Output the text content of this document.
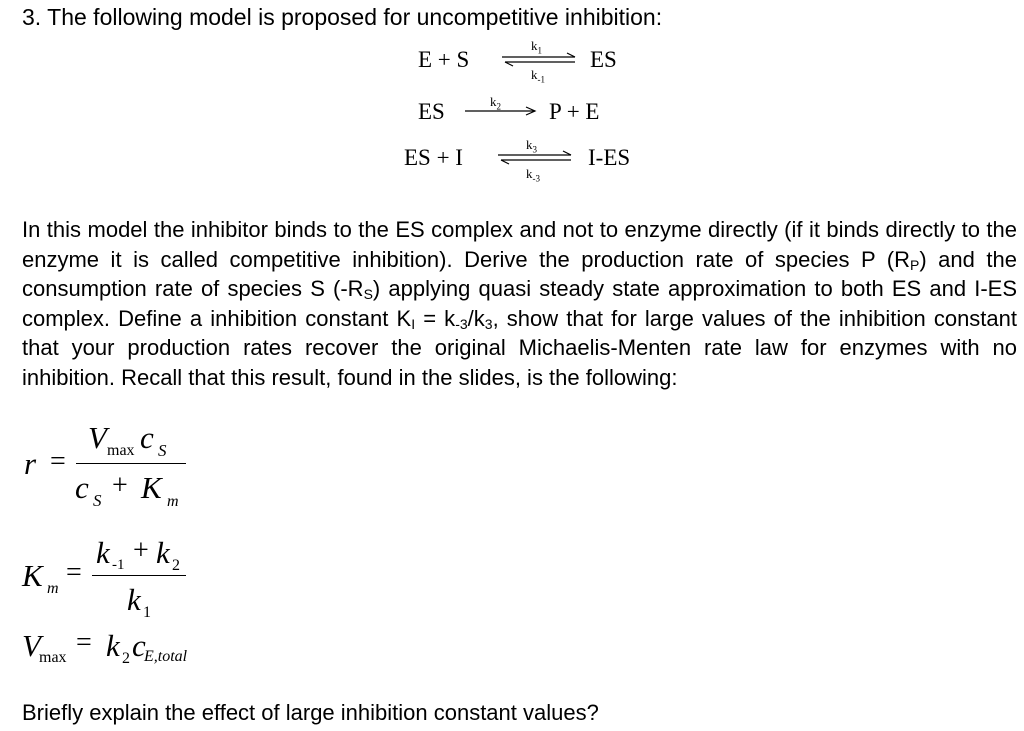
3. The following model is proposed for uncompetitive inhibition:
E + S
$k_1$
$k_{-1}$
ES
ES	$k_2$ P + E
ES + I
$k_3$
$k_{-3}$
I-ES
In this model the inhibitor binds to the ES complex and not to enzyme directly (if it binds directly to the enzyme it is called competitive inhibition). Derive the production rate of species P $(R_P)$ and the consumption rate of species S $(-R_S)$ applying quasi steady state approximation to both ES and I-ES complex. Define a inhibition constant $K_I = k_{-3}/k_3$, show that for large values of the inhibition constant that your production rates recover the original Michaelis-Menten rate law for enzymes with no inhibition. Recall that this result, found in the slides, is the following:
r =
V max c S
c S + K m
K m
=
k -1 + k 2
k 1
V
max = k 2 c
E,total
Briefly explain the effect of large inhibition constant values?
